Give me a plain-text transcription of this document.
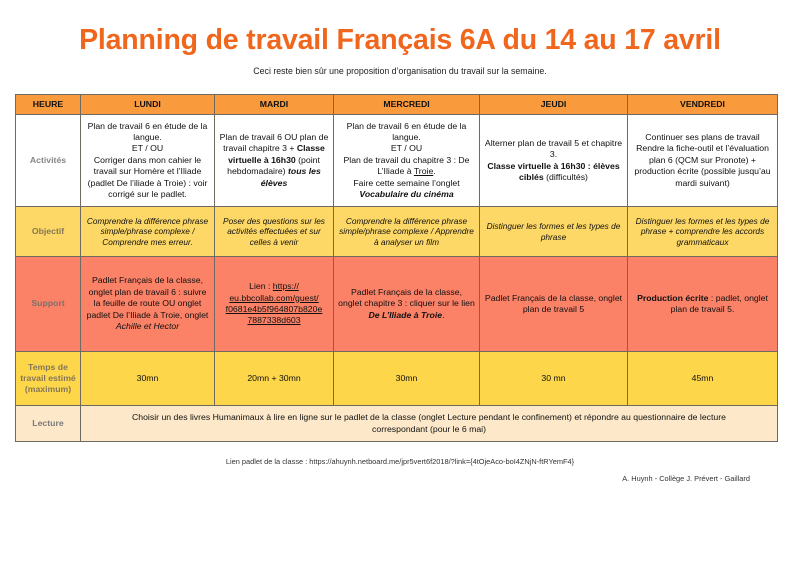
Planning de travail Français 6A du 14 au 17 avril
Ceci reste bien sûr une proposition d’organisation du travail sur la semaine.
HEURE	LUNDI	MARDI	MERCREDI	JEUDI	VENDREDI
Activités	Plan de travail 6 en étude de la langue.
ET / OU
Corriger dans mon cahier le travail sur Homère et l’Iliade (padlet De l’iliade à Troie) : voir corrigé sur le padlet.	Plan de travail 6 OU plan de travail chapitre 3 + Classe virtuelle à 16h30 (point hebdomadaire) tous les élèves	Plan de travail 6 en étude de la langue.
ET / OU
Plan de travail du chapitre 3 : De L’Iliade à Troie.
Faire cette semaine l’onglet
Vocabulaire du cinéma	Alterner plan de travail 5 et chapitre 3.
Classe virtuelle à 16h30 : élèves ciblés (difficultés)	Continuer ses plans de travail
Rendre la fiche-outil et l’évaluation plan 6 (QCM sur Pronote) + production écrite (possible jusqu’au mardi suivant)
Objectif	Comprendre la différence phrase simple/phrase complexe / Comprendre mes erreur.	Poser des questions sur les activités effectuées et sur celles à venir	Comprendre la différence phrase simple/phrase complexe / Apprendre à analyser un film	Distinguer les formes et les types de phrase	Distinguer les formes et les types de phrase + comprendre les accords grammaticaux
Support	Padlet Français de la classe, onglet plan de travail 6 : suivre la feuille de route OU onglet padlet De l’Iliade à Troie, onglet
Achille et Hector	Lien : https://
eu.bbcollab.com/guest/
f0681e4b5f964807b820e
7887338d603	Padlet Français de la classe, onglet chapitre 3 : cliquer sur le lien De L’Iliade à Troie.	Padlet Français de la classe, onglet plan de travail 5	Production écrite : padlet, onglet plan de travail 5.
Temps de travail estimé (maximum)	30mn	20mn + 30mn	30mn	30 mn	45mn
Lecture	Choisir un des livres Humanimaux à lire en ligne sur le padlet de la classe (onglet Lecture pendant le confinement) et répondre au questionnaire de lecture correspondant (pour le 6 mai)				
Lien padlet de la classe : https://ahuynh.netboard.me/jpr5vert6f2018/?link={4tOjeAco-boI4ZNjN-ftRYemF4}
A. Huynh - Collège J. Prévert - Gaillard
